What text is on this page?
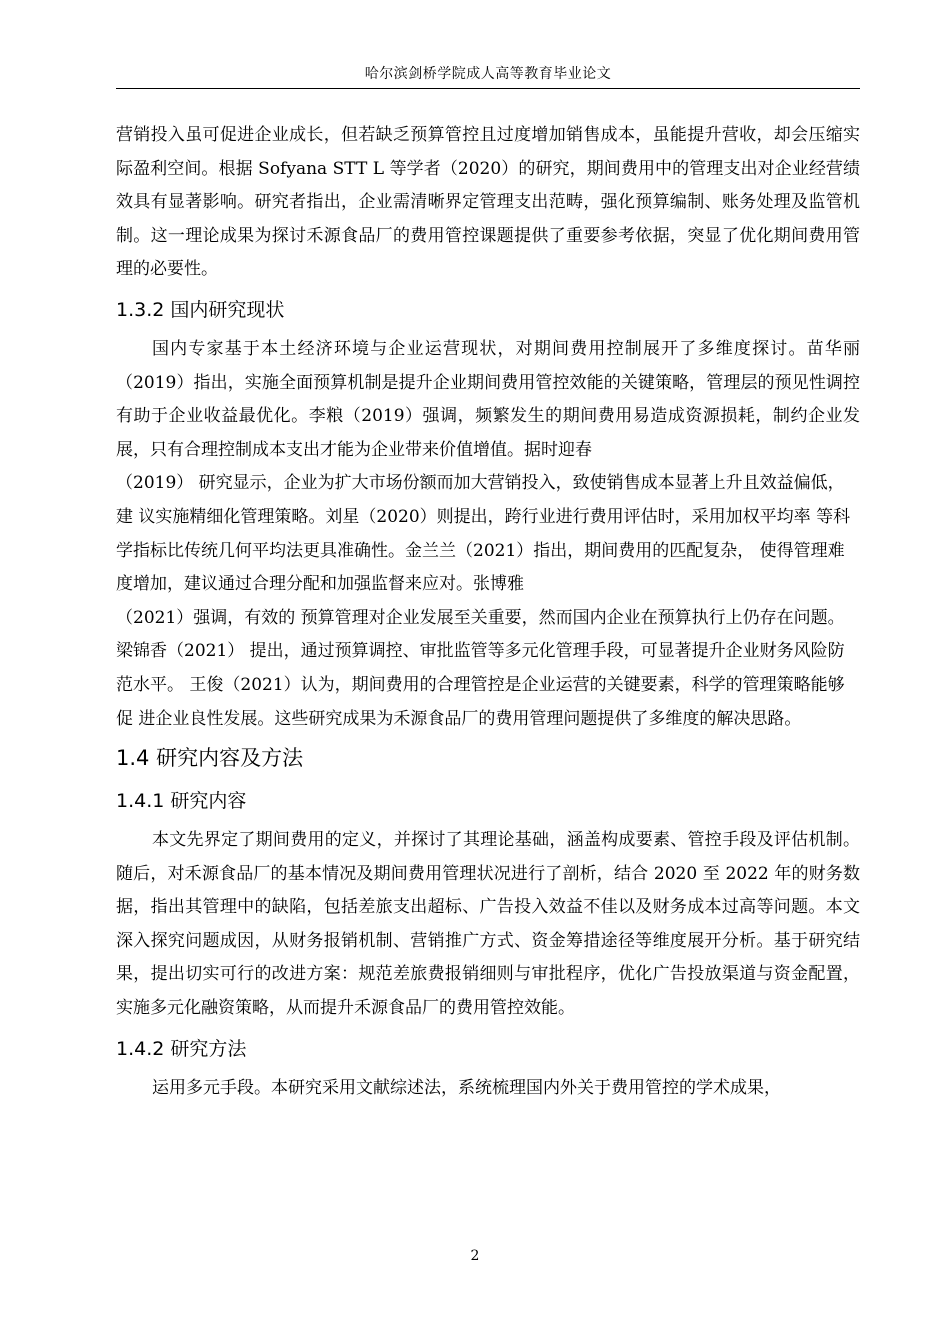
哈尔滨剑桥学院成人高等教育毕业论文

营销投入虽可促进企业成长，但若缺乏预算管控且过度增加销售成本，虽能提升营收，却会压缩实际盈利空间。根据 Sofyana STT L 等学者（2020）的研究，期间费用中的管理支出对企业经营绩效具有显著影响。研究者指出，企业需清晰界定管理支出范畴，强化预算编制、账务处理及监管机制。这一理论成果为探讨禾源食品厂的费用管控课题提供了重要参考依据，突显了优化期间费用管理的必要性。

1.3.2 国内研究现状

国内专家基于本土经济环境与企业运营现状，对期间费用控制展开了多维度探讨。苗华丽（2019）指出，实施全面预算机制是提升企业期间费用管控效能的关键策略，管理层的预见性调控有助于企业收益最优化。李粮（2019）强调，频繁发生的期间费用易造成资源损耗，制约企业发展，只有合理控制成本支出才能为企业带来价值增值。据时迎春

（2019） 研究显示，企业为扩大市场份额而加大营销投入，致使销售成本显著上升且效益偏低，建 议实施精细化管理策略。刘星（2020）则提出，跨行业进行费用评估时，采用加权平均率 等科学指标比传统几何平均法更具准确性。金兰兰（2021）指出，期间费用的匹配复杂， 使得管理难度增加，建议通过合理分配和加强监督来应对。张博雅

（2021）强调，有效的 预算管理对企业发展至关重要，然而国内企业在预算执行上仍存在问题。梁锦香（2021） 提出，通过预算调控、审批监管等多元化管理手段，可显著提升企业财务风险防范水平。 王俊（2021）认为，期间费用的合理管控是企业运营的关键要素，科学的管理策略能够促 进企业良性发展。这些研究成果为禾源食品厂的费用管理问题提供了多维度的解决思路。

1.4 研究内容及方法
1.4.1 研究内容

本文先界定了期间费用的定义，并探讨了其理论基础，涵盖构成要素、管控手段及评估机制。随后，对禾源食品厂的基本情况及期间费用管理状况进行了剖析，结合 2020 至 2022 年的财务数据，指出其管理中的缺陷，包括差旅支出超标、广告投入效益不佳以及财务成本过高等问题。本文深入探究问题成因，从财务报销机制、营销推广方式、资金筹措途径等维度展开分析。基于研究结果，提出切实可行的改进方案：规范差旅费报销细则与审批程序，优化广告投放渠道与资金配置，实施多元化融资策略，从而提升禾源食品厂的费用管控效能。

1.4.2 研究方法

运用多元手段。本研究采用文献综述法，系统梳理国内外关于费用管控的学术成果，

2
